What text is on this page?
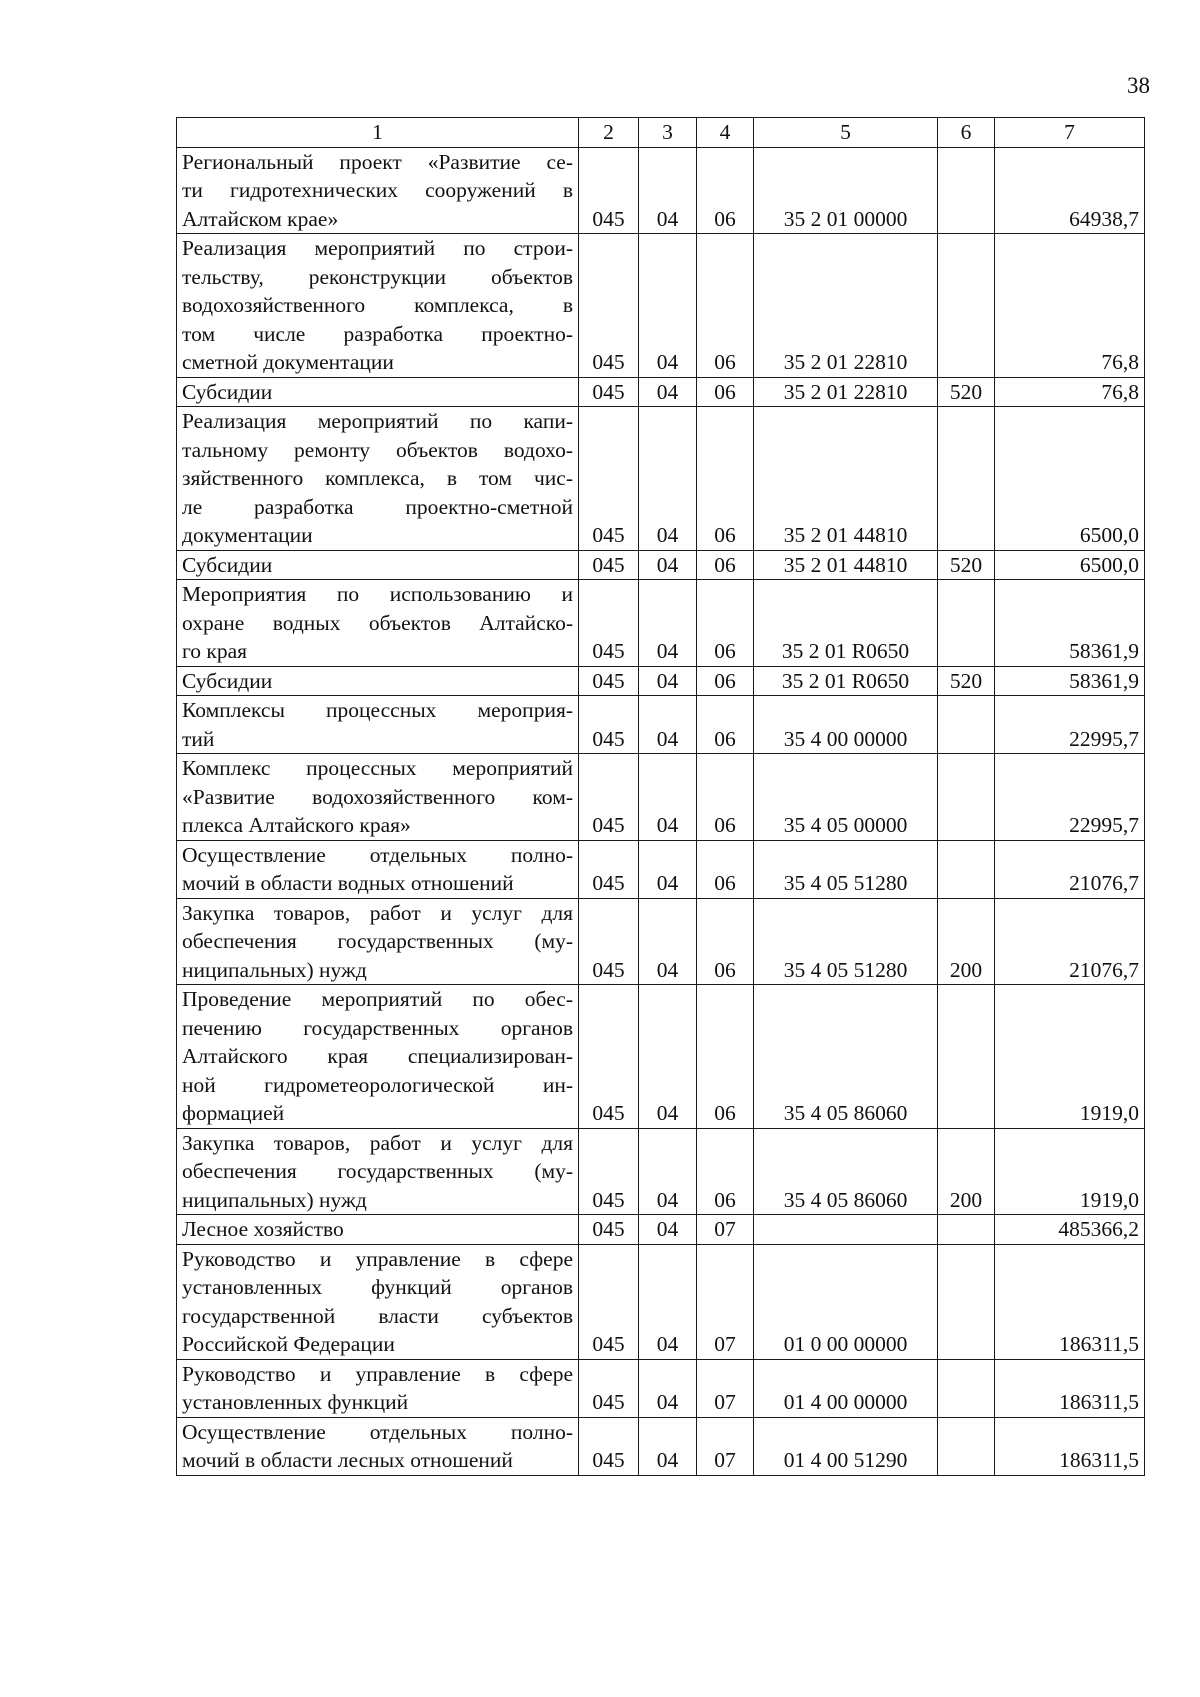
38
1	2	3	4	5	6	7

Региональный проект «Развитие се-
ти гидротехнических сооружений в
Алтайском крае»	045	04	06	35 2 01 00000		64938,7

Реализация мероприятий по строи-
тельству, реконструкции объектов
водохозяйственного комплекса, в
том числе разработка проектно-
сметной документации	045	04	06	35 2 01 22810		76,8

Субсидии	045	04	06	35 2 01 22810	520	76,8

Реализация мероприятий по капи-
тальному ремонту объектов водохо-
зяйственного комплекса, в том чис-
ле разработка проектно-сметной
документации	045	04	06	35 2 01 44810		6500,0

Субсидии	045	04	06	35 2 01 44810	520	6500,0

Мероприятия по использованию и
охране водных объектов Алтайско-
го края	045	04	06	35 2 01 R0650		58361,9

Субсидии	045	04	06	35 2 01 R0650	520	58361,9

Комплексы процессных мероприя-
тий	045	04	06	35 4 00 00000		22995,7

Комплекс процессных мероприятий
«Развитие водохозяйственного ком-
плекса Алтайского края»	045	04	06	35 4 05 00000		22995,7

Осуществление отдельных полно-
мочий в области водных отношений	045	04	06	35 4 05 51280		21076,7

Закупка товаров, работ и услуг для
обеспечения государственных (му-
ниципальных) нужд	045	04	06	35 4 05 51280	200	21076,7

Проведение мероприятий по обес-
печению государственных органов
Алтайского края специализирован-
ной гидрометеорологической ин-
формацией	045	04	06	35 4 05 86060		1919,0

Закупка товаров, работ и услуг для
обеспечения государственных (му-
ниципальных) нужд	045	04	06	35 4 05 86060	200	1919,0

Лесное хозяйство	045	04	07			485366,2

Руководство и управление в сфере
установленных функций органов
государственной власти субъектов
Российской Федерации	045	04	07	01 0 00 00000		186311,5

Руководство и управление в сфере
установленных функций	045	04	07	01 4 00 00000		186311,5

Осуществление отдельных полно-
мочий в области лесных отношений	045	04	07	01 4 00 51290		186311,5
